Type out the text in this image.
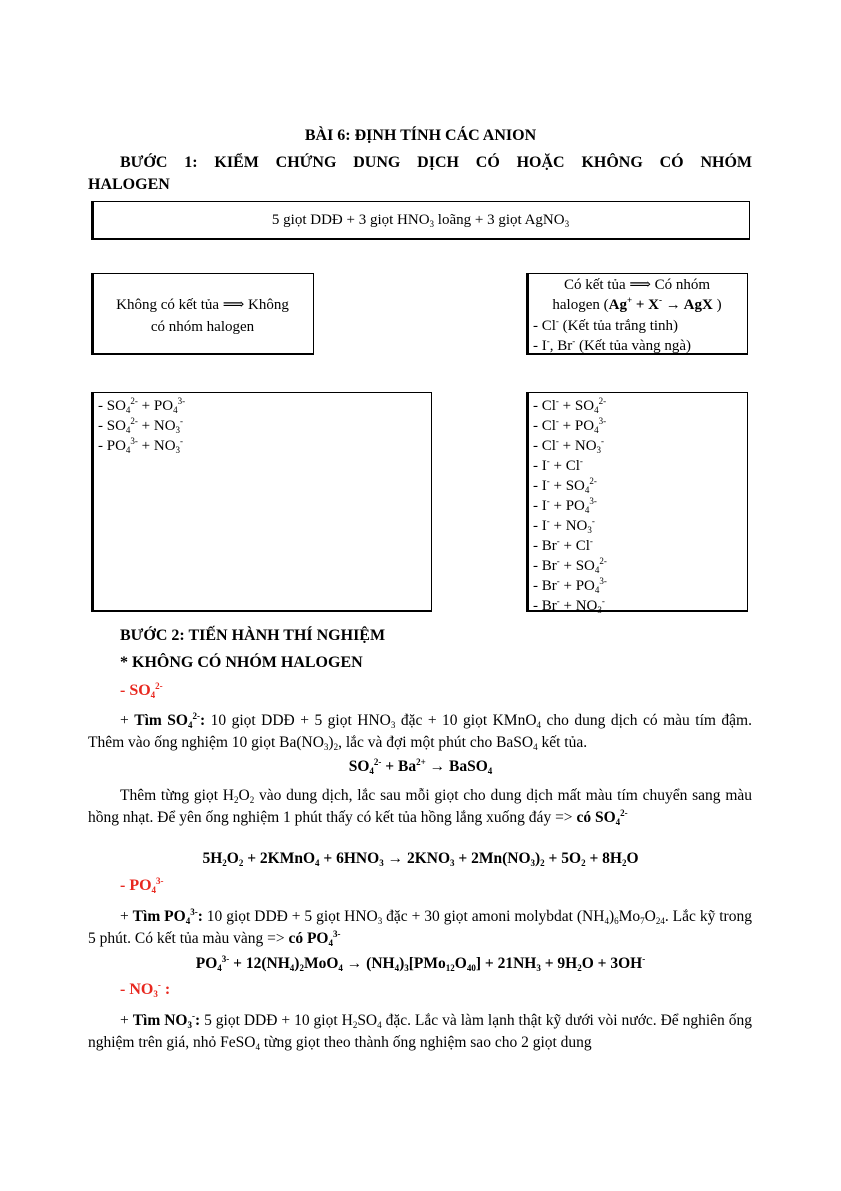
BÀI 6: ĐỊNH TÍNH CÁC ANION
BƯỚC 1: KIỂM CHỨNG DUNG DỊCH CÓ HOẶC KHÔNG CÓ NHÓM
HALOGEN
5 giọt DDĐ + 3 giọt $HNO_3$ loãng + 3 giọt AgNO$_3$
Không có kết tủa ⟹ Không
có nhóm halogen
Có kết tủa ⟹ Có nhóm
halogen (Ag+ + X- → AgX )
- Cl- (Kết tủa trắng tinh)
- I-, Br- (Kết tủa vàng ngà)
- $SO_4^{2-} + PO_4^{3-}$
- $SO_4^{2-} + NO_3^-$
- $PO_4^{3-} + NO_3^-$
- $Cl^- + SO_4^{2-}$
- $Cl^- + PO_4^{3-}$
- $Cl^- + NO_3^-$
- I- + Cl-
- $I^- + SO_4^{2-}$
- $I^- + PO_4^{3-}$
- $I^- + NO_3^-$
- Br- + Cl-
- $Br^- + SO_4^{2-}$
- $Br^- + PO_4^{3-}$
- $Br^- + NO_3^-$
BƯỚC 2: TIẾN HÀNH THÍ NGHIỆM
* KHÔNG CÓ NHÓM HALOGEN
- $SO_4^{2-}$
+ Tìm $SO_4^{2-}$: 10 giọt DDĐ + 5 giọt $HNO_3$ đặc + 10 giọt KMnO$_4$ cho dung dịch có màu tím đậm. Thêm vào ống nghiệm 10 giọt $Ba(NO_3)_2$, lắc và đợi một phút cho BaSO$_4$ kết tủa.
$SO_4^{2-} + Ba^{2+}$ → BaSO$_4$
Thêm từng giọt $H_2O_2$ vào dung dịch, lắc sau mỗi giọt cho dung dịch mất màu tím chuyển sang màu hồng nhạt. Để yên ống nghiệm 1 phút thấy có kết tủa hồng lắng xuống đáy => có $SO_4^{2-}$
$5H_2O_2$ + 2KMnO$_4$ + $6HNO_3 \to 2KNO_3 + 2Mn(NO_3)_2 + 5O_2 + 8H_2O$
- $PO_4^{3-}$
+ Tìm $PO_4^{3-}$: 10 giọt DDĐ + 5 giọt $HNO_3$ đặc + 30 giọt amoni molybdat $(NH_4)_6Mo_7O_{24}$. Lắc kỹ trong 5 phút. Có kết tủa màu vàng => có $PO_4^{3-}$
$PO_4^{3-} + 12(NH_4)_2MoO_4 \to (NH_4)_3[PMo_{12}O_{40}] + 21NH_3 + 9H_2O + 3OH^-$
- $NO_3^-$ :
+ Tìm $NO_3^-$: 5 giọt DDĐ + 10 giọt $H_2SO_4$ đặc. Lắc và làm lạnh thật kỹ dưới vòi nước. Để nghiên ống nghiệm trên giá, nhỏ FeSO$_4$ từng giọt theo thành ống nghiệm sao cho 2 giọt dung
